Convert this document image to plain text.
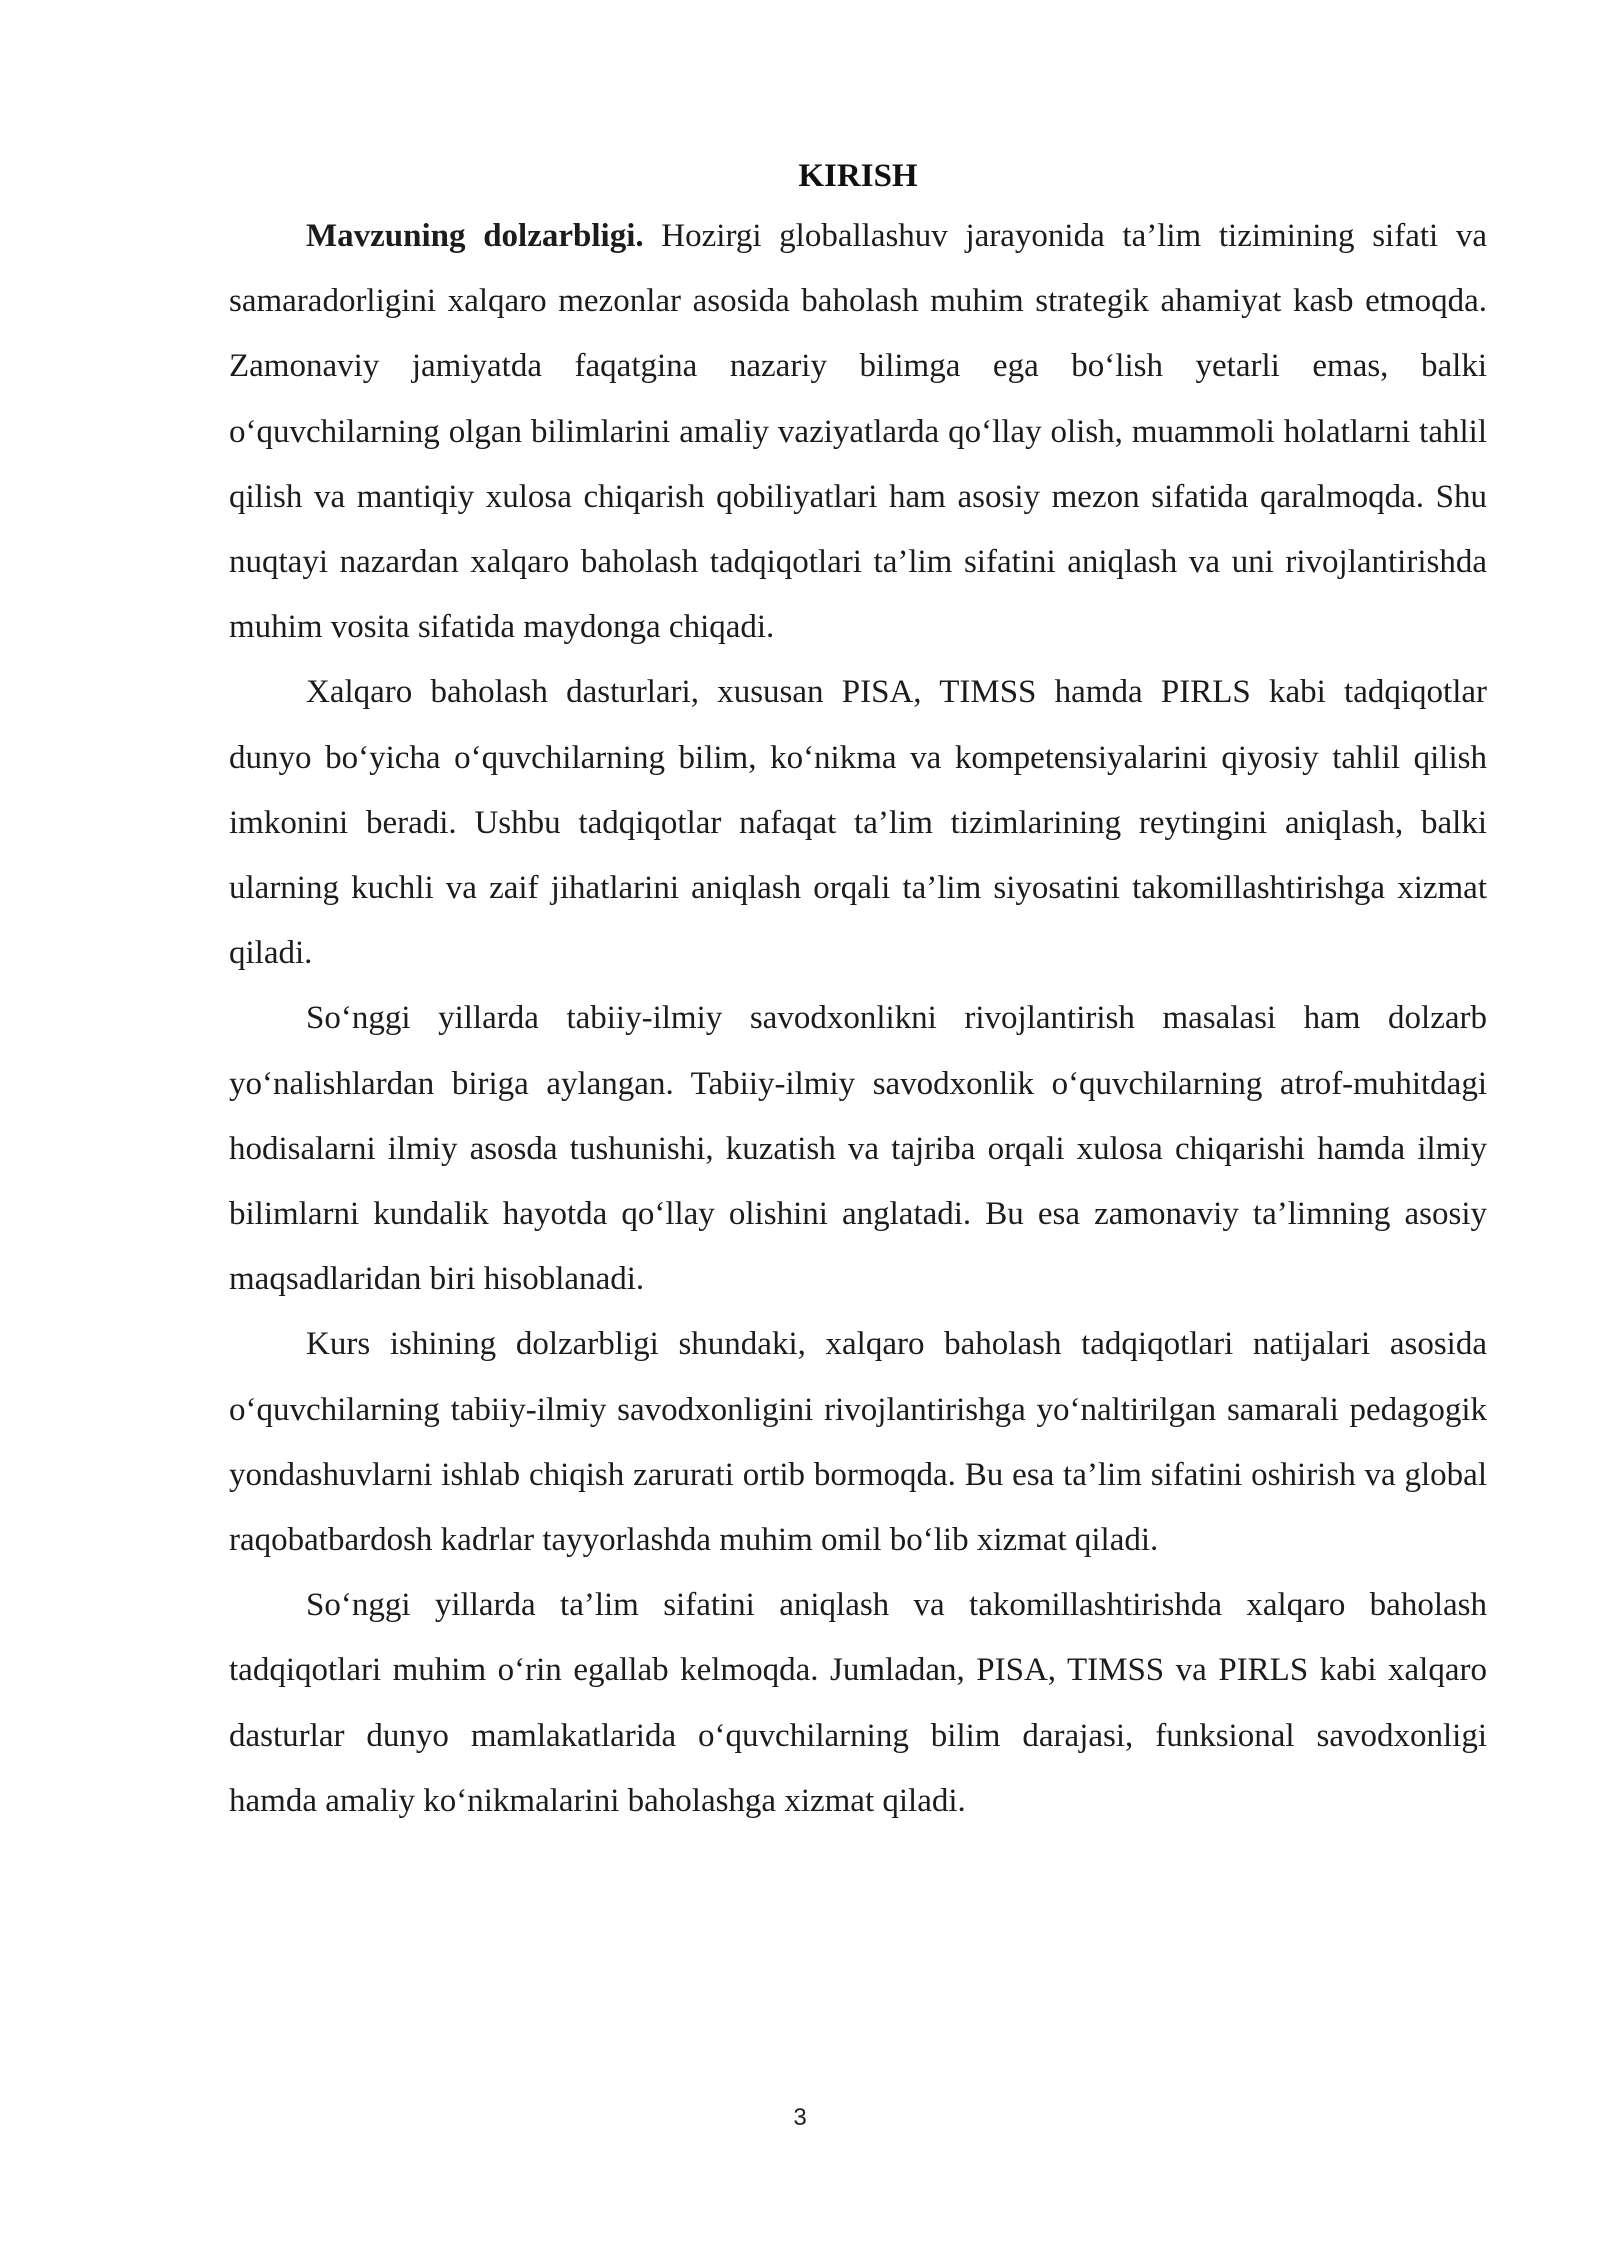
KIRISH

Mavzuning dolzarbligi. Hozirgi globallashuv jarayonida ta’lim tizimining sifati va samaradorligini xalqaro mezonlar asosida baholash muhim strategik ahamiyat kasb etmoqda. Zamonaviy jamiyatda faqatgina nazariy bilimga ega bo‘lish yetarli emas, balki o‘quvchilarning olgan bilimlarini amaliy vaziyatlarda qo‘llay olish, muammoli holatlarni tahlil qilish va mantiqiy xulosa chiqarish qobiliyatlari ham asosiy mezon sifatida qaralmoqda. Shu nuqtayi nazardan xalqaro baholash tadqiqotlari ta’lim sifatini aniqlash va uni rivojlantirishda muhim vosita sifatida maydonga chiqadi.

Xalqaro baholash dasturlari, xususan PISA, TIMSS hamda PIRLS kabi tadqiqotlar dunyo bo‘yicha o‘quvchilarning bilim, ko‘nikma va kompetensiyalarini qiyosiy tahlil qilish imkonini beradi. Ushbu tadqiqotlar nafaqat ta’lim tizimlarining reytingini aniqlash, balki ularning kuchli va zaif jihatlarini aniqlash orqali ta’lim siyosatini takomillashtirishga xizmat qiladi.

So‘nggi yillarda tabiiy-ilmiy savodxonlikni rivojlantirish masalasi ham dolzarb yo‘nalishlardan biriga aylangan. Tabiiy-ilmiy savodxonlik o‘quvchilarning atrof-muhitdagi hodisalarni ilmiy asosda tushunishi, kuzatish va tajriba orqali xulosa chiqarishi hamda ilmiy bilimlarni kundalik hayotda qo‘llay olishini anglatadi. Bu esa zamonaviy ta’limning asosiy maqsadlaridan biri hisoblanadi.

Kurs ishining dolzarbligi shundaki, xalqaro baholash tadqiqotlari natijalari asosida o‘quvchilarning tabiiy-ilmiy savodxonligini rivojlantirishga yo‘naltirilgan samarali pedagogik yondashuvlarni ishlab chiqish zarurati ortib bormoqda. Bu esa ta’lim sifatini oshirish va global raqobatbardosh kadrlar tayyorlashda muhim omil bo‘lib xizmat qiladi.

So‘nggi yillarda ta’lim sifatini aniqlash va takomillashtirishda xalqaro baholash tadqiqotlari muhim o‘rin egallab kelmoqda. Jumladan, PISA, TIMSS va PIRLS kabi xalqaro dasturlar dunyo mamlakatlarida o‘quvchilarning bilim darajasi, funksional savodxonligi hamda amaliy ko‘nikmalarini baholashga xizmat qiladi.

3
